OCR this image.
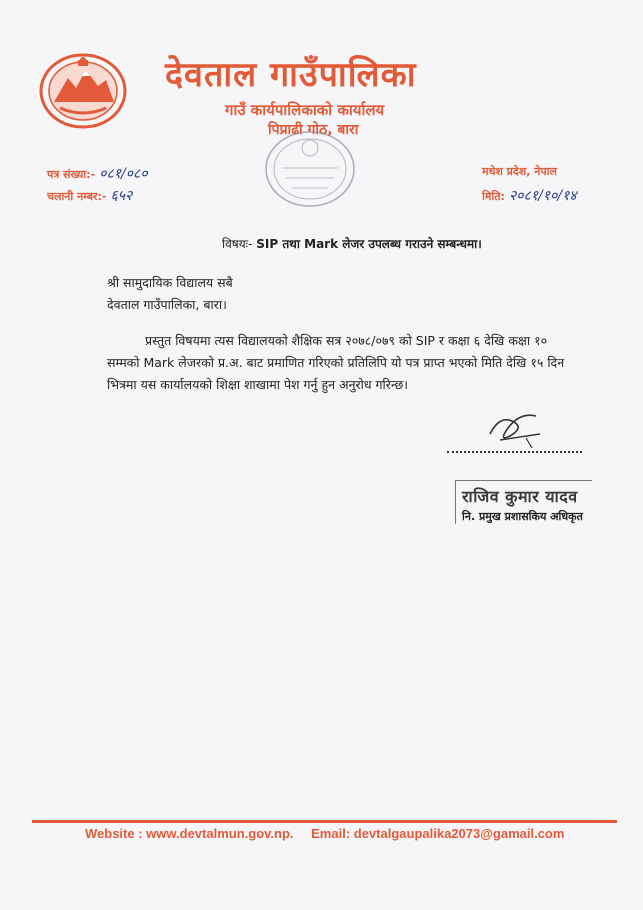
देवताल गाउँपालिका
गाउँ कार्यपालिकाको कार्यालय
पिप्राढी गोठ, बारा
पत्र संख्या:- ०८१/०८०
चलानी नम्बर:- ६५२
मधेश प्रदेश, नेपाल
मिति: २०८१/१०/१४
विषयः- SIP तथा Mark लेजर उपलब्ध गराउने सम्बन्धमा।
श्री सामुदायिक विद्यालय सबै
देवताल गाउँपालिका, बारा।
प्रस्तुत विषयमा त्यस विद्यालयको शैक्षिक सत्र २०७८/०७९ को SIP र कक्षा ६ देखि कक्षा १० सम्मको Mark लेजरको प्र.अ. बाट प्रमाणित गरिएको प्रतिलिपि यो पत्र प्राप्त भएको मिति देखि १५ दिन भित्रमा यस कार्यालयको शिक्षा शाखामा पेश गर्नु हुन अनुरोध गरिन्छ।
राजिव कुमार यादव
नि. प्रमुख प्रशासकिय अधिकृत
Website : www.devtalmun.gov.np. Email: devtalgaupalika2073@gamail.com
